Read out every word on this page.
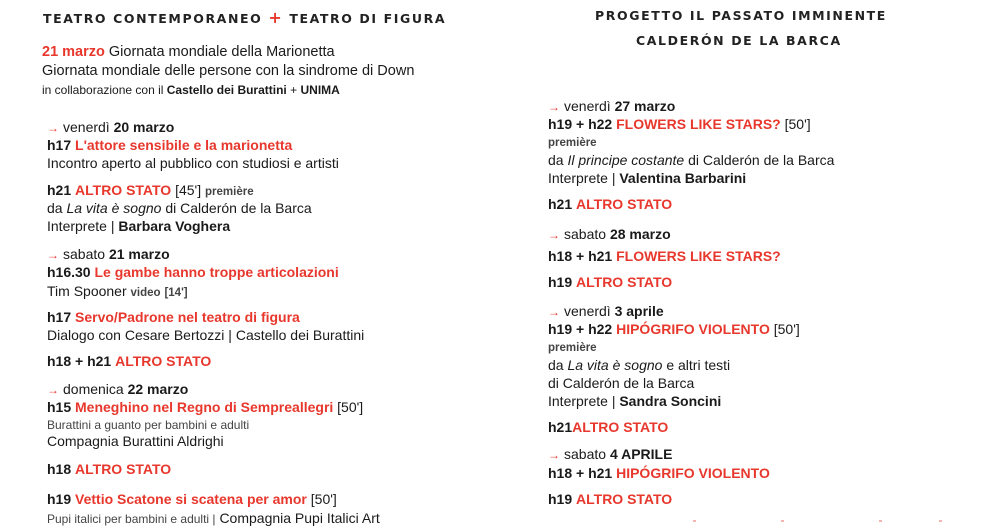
TEATRO CONTEMPORANEO + TEATRO DI FIGURA
21 marzo Giornata mondiale della Marionetta
Giornata mondiale delle persone con la sindrome di Down
in collaborazione con il Castello dei Burattini + UNIMA
→ venerdì 20 marzo
h17 L'attore sensibile e la marionetta
Incontro aperto al pubblico con studiosi e artisti
h21 ALTRO STATO [45'] première
da La vita è sogno di Calderón de la Barca
Interprete | Barbara Voghera
→ sabato 21 marzo
h16.30 Le gambe hanno troppe articolazioni
Tim Spooner video [14']
h17 Servo/Padrone nel teatro di figura
Dialogo con Cesare Bertozzi | Castello dei Burattini
h18 + h21 ALTRO STATO
→ domenica 22 marzo
h15 Meneghino nel Regno di Sempreallegri [50']
Burattini a guanto per bambini e adulti
Compagnia Burattini Aldrighi
h18 ALTRO STATO
h19 Vettio Scatone si scatena per amor [50']
Pupi italici per bambini e adulti | Compagnia Pupi Italici Art
PROGETTO IL PASSATO IMMINENTE
CALDERÓN DE LA BARCA
→ venerdì 27 marzo
h19 + h22 FLOWERS LIKE STARS? [50']
première
da Il principe costante di Calderón de la Barca
Interprete | Valentina Barbarini
h21 ALTRO STATO
→ sabato 28 marzo
h18 + h21 FLOWERS LIKE STARS?
h19 ALTRO STATO
→ venerdì 3 aprile
h19 + h22 HIPÓGRIFO VIOLENTO [50']
première
da La vita è sogno e altri testi
di Calderón de la Barca
Interprete | Sandra Soncini
h21ALTRO STATO
→ sabato 4 APRILE
h18 + h21 HIPÓGRIFO VIOLENTO
h19 ALTRO STATO
